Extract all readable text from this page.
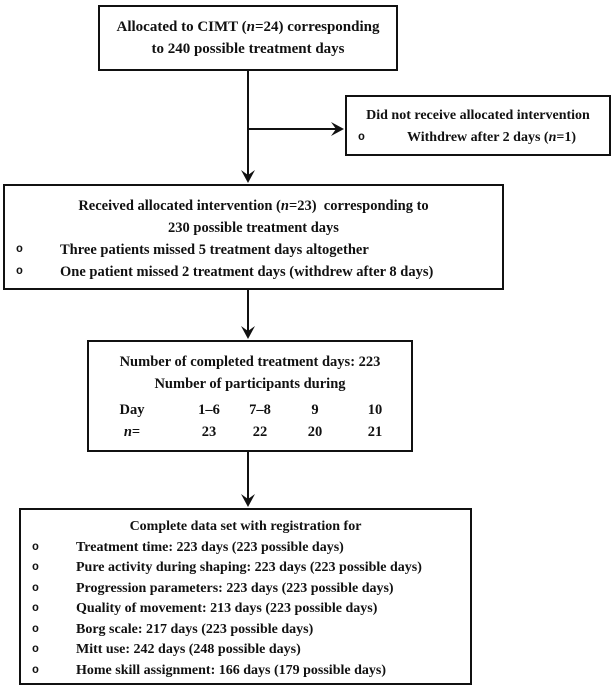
Allocated to CIMT (n=24) corresponding
to 240 possible treatment days
Did not receive allocated intervention
o	Withdrew after 2 days (n=1)
Received allocated intervention (n=23)  corresponding to
230 possible treatment days
o	Three patients missed 5 treatment days altogether
o	One patient missed 2 treatment days (withdrew after 8 days)
Number of completed treatment days: 223
Number of participants during
Day	1–6	7–8	9	10
n=	23	22	20	21
Complete data set with registration for
o	Treatment time: 223 days (223 possible days)
o	Pure activity during shaping: 223 days (223 possible days)
o	Progression parameters: 223 days (223 possible days)
o	Quality of movement: 213 days (223 possible days)
o	Borg scale: 217 days (223 possible days)
o	Mitt use: 242 days (248 possible days)
o	Home skill assignment: 166 days (179 possible days)
